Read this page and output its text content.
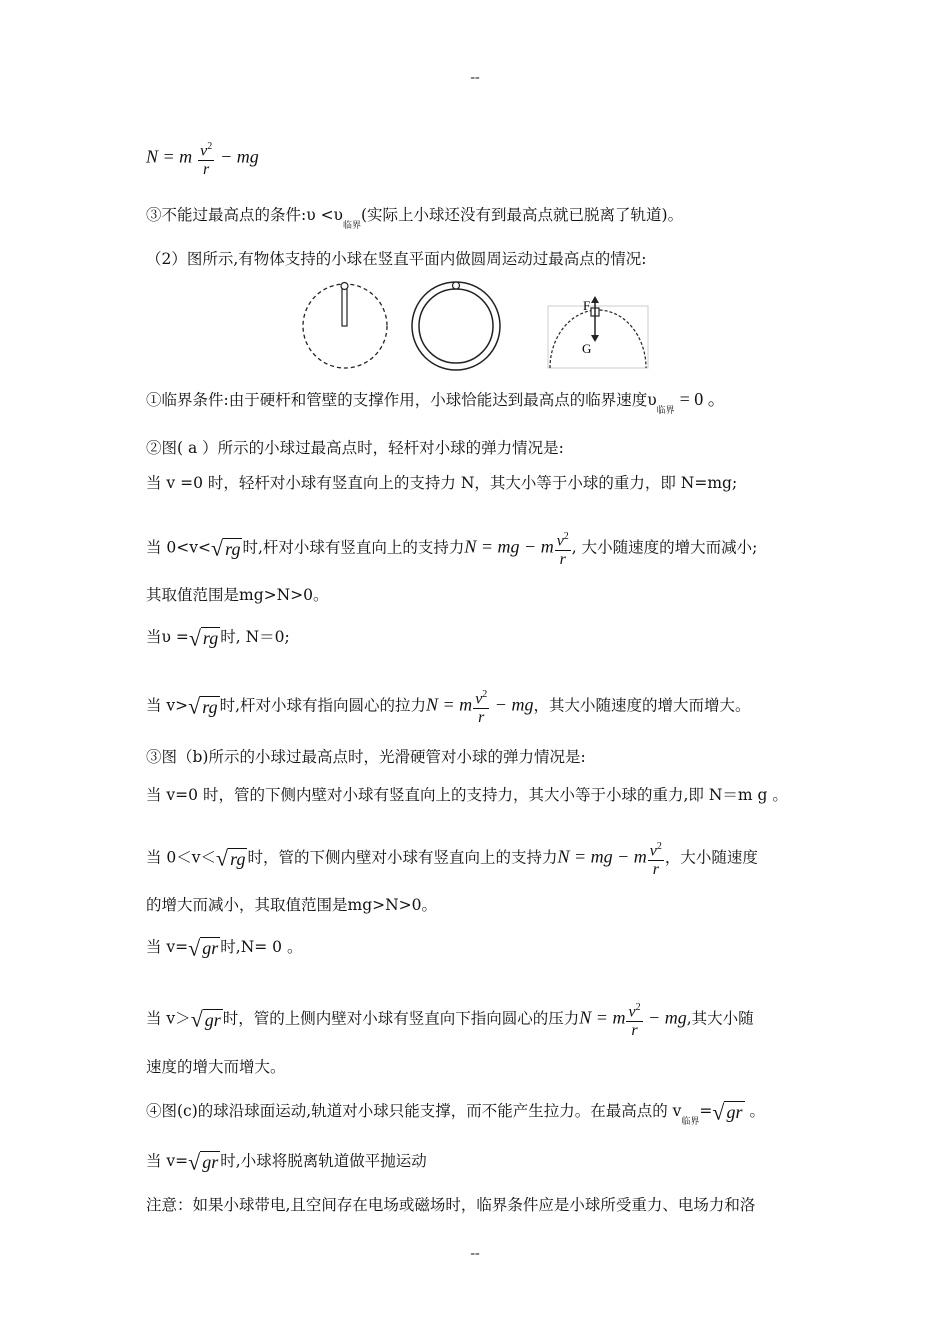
--
N = m $\frac{v^2}{r}$ − mg
③不能过最高点的条件:υ $<\upsilon_{临界}$(实际上小球还没有到最高点就已脱离了轨道)。
（2）图所示,有物体支持的小球在竖直平面内做圆周运动过最高点的情况:
F
G
①临界条件:由于硬杆和管壁的支撑作用，小球恰能达到最高点的临界速度$\upsilon_{临界} = 0$ 。
②图( a ）所示的小球过最高点时，轻杆对小球的弹力情况是:
当 v =0 时，轻杆对小球有竖直向上的支持力 N，其大小等于小球的重力，即 N=mg;
当 0<v<√ rg 时,杆对小球有竖直向上的支持力N = mg − m $\frac{v^2}{r}$ , 大小随速度的增大而减小;
其取值范围是mg>N>0。
当υ =√ rg 时, N＝0;
当 v>√ rg 时,杆对小球有指向圆心的拉力N = m $\frac{v^2}{r}$ − mg，其大小随速度的增大而增大。
③图（b)所示的小球过最高点时，光滑硬管对小球的弹力情况是:
当 v=0 时，管的下侧内壁对小球有竖直向上的支持力，其大小等于小球的重力,即 N＝m g 。
当 0＜v＜√ rg 时，管的下侧内壁对小球有竖直向上的支持力N = mg − m $\frac{v^2}{r}$ ，大小随速度
的增大而减小，其取值范围是mg>N>0。
当 v=√ gr 时,N= 0 。
当 v＞√ gr 时，管的上侧内壁对小球有竖直向下指向圆心的压力N = m $\frac{v^2}{r}$ − mg,其大小随
速度的增大而增大。
④图(c)的球沿球面运动,轨道对小球只能支撑，而不能产生拉力。在最高点的 $v_{临界}=√$ gr 。
当 v=√ gr 时,小球将脱离轨道做平抛运动
注意：如果小球带电,且空间存在电场或磁场时，临界条件应是小球所受重力、电场力和洛
--
